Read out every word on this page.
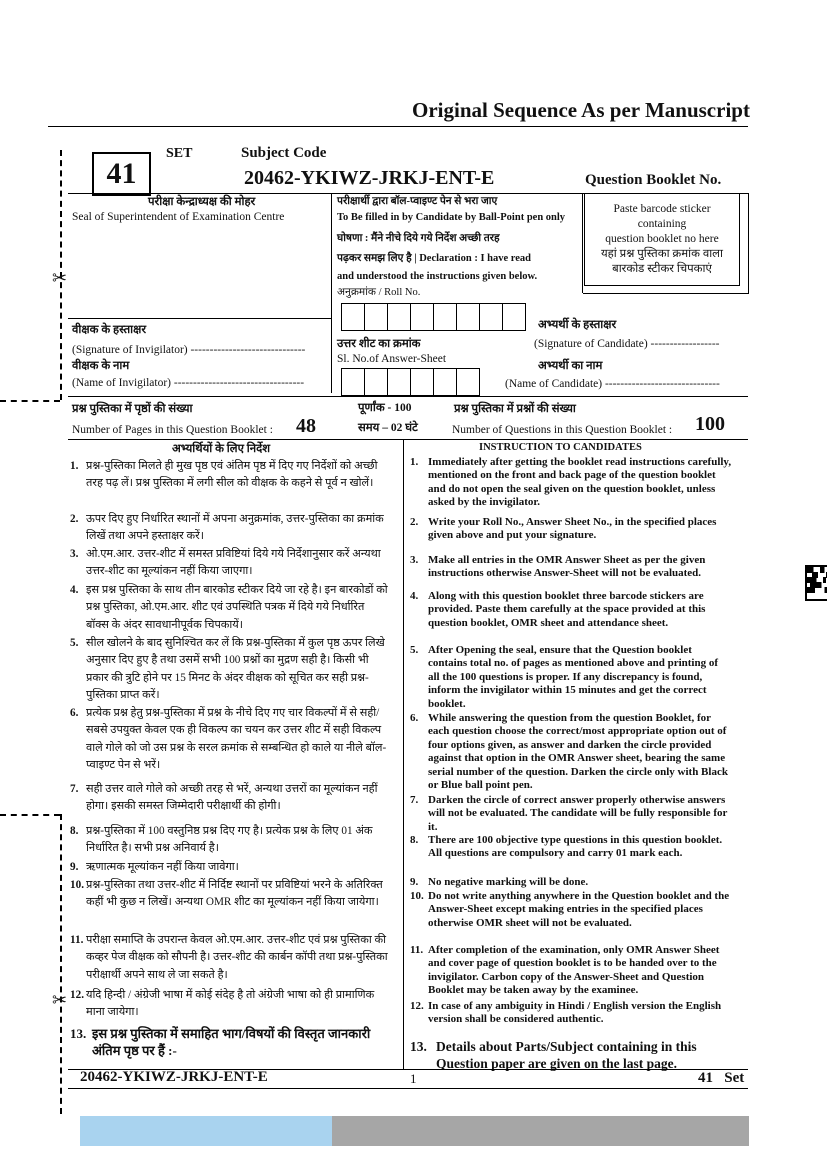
Original Sequence As per Manuscript
41
SET	Subject Code
20462-YKIWZ-JRKJ-ENT-E	Question Booklet No.
✂
✂
परीक्षा केन्द्राध्यक्ष की मोहर
Seal of Superintendent of Examination Centre
परीक्षार्थी द्वारा बॉल-प्वाइण्ट पेन से भरा जाए
To Be filled in by Candidate by Ball-Point pen only
घोषणा : मैंने नीचे दिये गये निर्देश अच्छी तरह
पढ़कर समझ लिए है | Declaration : I have read
and understood the instructions given below.
अनुक्रमांक / Roll No.
Paste barcode sticker
containing
question booklet no here
यहां प्रश्न पुस्तिका क्रमांक वाला
बारकोड स्टीकर चिपकाएं
वीक्षक के हस्ताक्षर
(Signature of Invigilator) ------------------------------
वीक्षक के नाम
(Name of Invigilator) ----------------------------------
उत्तर शीट का क्रमांक
Sl. No.of Answer-Sheet
अभ्यर्थी के हस्ताक्षर
(Signature of Candidate) ------------------
अभ्यर्थी का नाम
(Name of Candidate) ------------------------------
प्रश्न पुस्तिका में पृष्ठों की संख्या
Number of Pages in this Question Booklet : 48
पूर्णांक - 100
समय – 02 घंटे
प्रश्न पुस्तिका में प्रश्नों की संख्या
Number of Questions in this Question Booklet : 100
अभ्यर्थियों के लिए निर्देश	INSTRUCTION TO CANDIDATES
1. प्रश्न-पुस्तिका मिलते ही मुख पृष्ठ एवं अंतिम पृष्ठ में दिए गए निर्देशों को अच्छी तरह पढ़ लें। प्रश्न पुस्तिका में लगी सील को वीक्षक के कहने से पूर्व न खोलें।
2. ऊपर दिए हुए निर्धारित स्थानों में अपना अनुक्रमांक, उत्तर-पुस्तिका का क्रमांक लिखें तथा अपने हस्ताक्षर करें।
3. ओ.एम.आर. उत्तर-शीट में समस्त प्रविष्टियां दिये गये निर्देशानुसार करें अन्यथा उत्तर-शीट का मूल्यांकन नहीं किया जाएगा।
4. इस प्रश्न पुस्तिका के साथ तीन बारकोड स्टीकर दिये जा रहे है। इन बारकोडों को प्रश्न पुस्तिका, ओ.एम.आर. शीट एवं उपस्थिति पत्रक में दिये गये निर्धारित बॉक्स के अंदर सावधानीपूर्वक चिपकायें।
5. सील खोलने के बाद सुनिश्चित कर लें कि प्रश्न-पुस्तिका में कुल पृष्ठ ऊपर लिखे अनुसार दिए हुए है तथा उसमें सभी 100 प्रश्नों का मुद्रण सही है। किसी भी प्रकार की त्रुटि होने पर 15 मिनट के अंदर वीक्षक को सूचित कर सही प्रश्न-पुस्तिका प्राप्त करें।
6. प्रत्येक प्रश्न हेतु प्रश्न-पुस्तिका में प्रश्न के नीचे दिए गए चार विकल्पों में से सही/सबसे उपयुक्त केवल एक ही विकल्प का चयन कर उत्तर शीट में सही विकल्प वाले गोले को जो उस प्रश्न के सरल क्रमांक से सम्बन्धित हो काले या नीले बॉल-प्वाइण्ट पेन से भरें।
7. सही उत्तर वाले गोले को अच्छी तरह से भरें, अन्यथा उत्तरों का मूल्यांकन नहीं होगा। इसकी समस्त जिम्मेदारी परीक्षार्थी की होगी।
8. प्रश्न-पुस्तिका में 100 वस्तुनिष्ठ प्रश्न दिए गए है। प्रत्येक प्रश्न के लिए 01 अंक निर्धारित है। सभी प्रश्न अनिवार्य है।
9. ऋणात्मक मूल्यांकन नहीं किया जावेगा।
10. प्रश्न-पुस्तिका तथा उत्तर-शीट में निर्दिष्ट स्थानों पर प्रविष्टियां भरने के अतिरिक्त कहीं भी कुछ न लिखें। अन्यथा OMR शीट का मूल्यांकन नहीं किया जायेगा।
11. परीक्षा समाप्ति के उपरान्त केवल ओ.एम.आर. उत्तर-शीट एवं प्रश्न पुस्तिका की कव्हर पेज वीक्षक को सौपनी है। उत्तर-शीट की कार्बन कॉपी तथा प्रश्न-पुस्तिका परीक्षार्थी अपने साथ ले जा सकते है।
12. यदि हिन्दी / अंग्रेजी भाषा में कोई संदेह है तो अंग्रेजी भाषा को ही प्रामाणिक माना जायेगा।
13. इस प्रश्न पुस्तिका में समाहित भाग/विषयों की विस्तृत जानकारी अंतिम पृष्ठ पर हैं :-
1. Immediately after getting the booklet read instructions carefully, mentioned on the front and back page of the question booklet and do not open the seal given on the question booklet, unless asked by the invigilator.
2. Write your Roll No., Answer Sheet No., in the specified places given above and put your signature.
3. Make all entries in the OMR Answer Sheet as per the given instructions otherwise Answer-Sheet will not be evaluated.
4. Along with this question booklet three barcode stickers are provided. Paste them carefully at the space provided at this question booklet, OMR sheet and attendance sheet.
5. After Opening the seal, ensure that the Question booklet contains total no. of pages as mentioned above and printing of all the 100 questions is proper. If any discrepancy is found, inform the invigilator within 15 minutes and get the correct booklet.
6. While answering the question from the question Booklet, for each question choose the correct/most appropriate option out of four options given, as answer and darken the circle provided against that option in the OMR Answer sheet, bearing the same serial number of the question. Darken the circle only with Black or Blue ball point pen.
7. Darken the circle of correct answer properly otherwise answers will not be evaluated. The candidate will be fully responsible for it.
8. There are 100 objective type questions in this question booklet. All questions are compulsory and carry 01 mark each.
9. No negative marking will be done.
10. Do not write anything anywhere in the Question booklet and the Answer-Sheet except making entries in the specified places otherwise OMR sheet will not be evaluated.
11. After completion of the examination, only OMR Answer Sheet and cover page of question booklet is to be handed over to the invigilator. Carbon copy of the Answer-Sheet and Question Booklet may be taken away by the examinee.
12. In case of any ambiguity in Hindi / English version the English version shall be considered authentic.
13. Details about Parts/Subject containing in this Question paper are given on the last page.
20462-YKIWZ-JRKJ-ENT-E	1	41   Set
